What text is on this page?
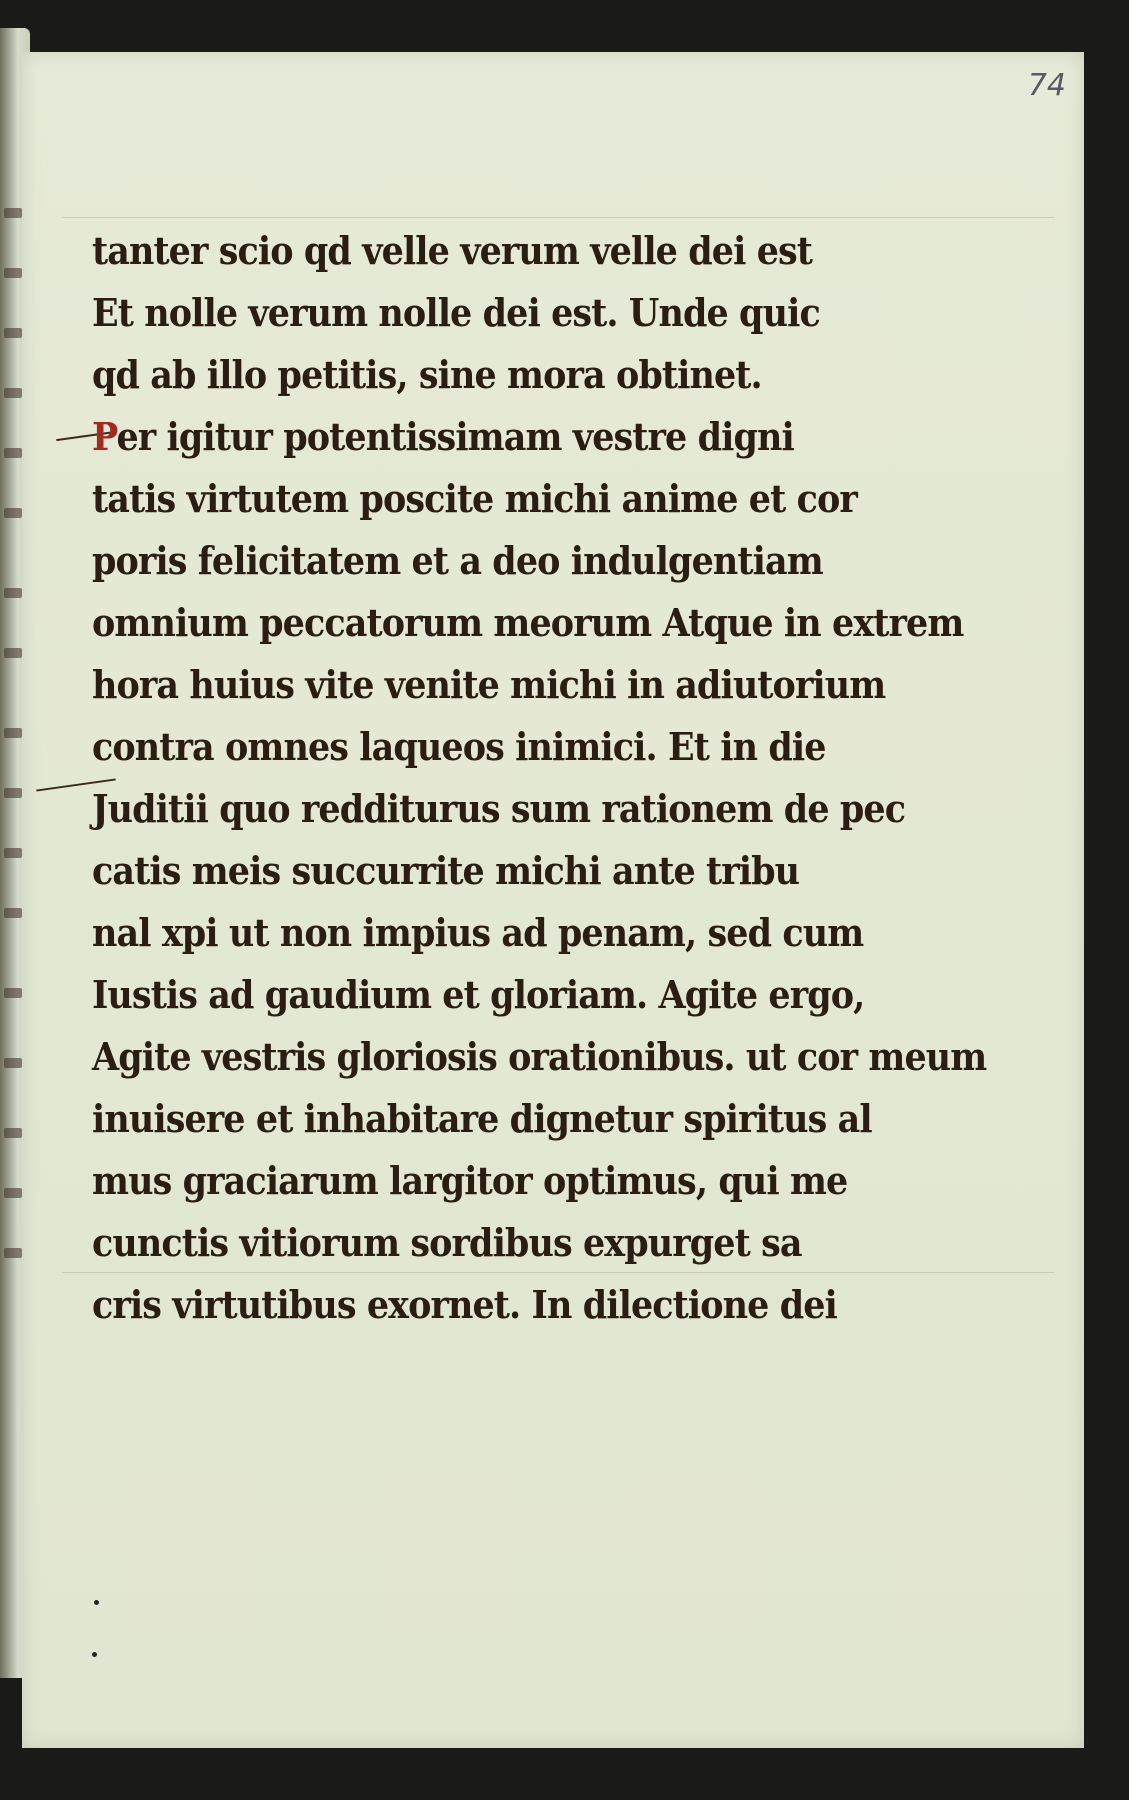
74
tanter scio qd velle verum velle dei est
Et nolle verum nolle dei est. Unde quic
qd ab illo petitis, sine mora obtinet.
Per igitur potentissimam vestre digni
tatis virtutem poscite michi anime et cor
poris felicitatem et a deo indulgentiam
omnium peccatorum meorum Atque in extrem
hora huius vite venite michi in adiutorium
contra omnes laqueos inimici. Et in die
Juditii quo redditurus sum rationem de pec
catis meis succurrite michi ante tribu
nal xpi ut non impius ad penam, sed cum
Iustis ad gaudium et gloriam. Agite ergo,
Agite vestris gloriosis orationibus. ut cor meum
inuisere et inhabitare dignetur spiritus al
mus graciarum largitor optimus, qui me
cunctis vitiorum sordibus expurget sa
cris virtutibus exornet. In dilectione dei
